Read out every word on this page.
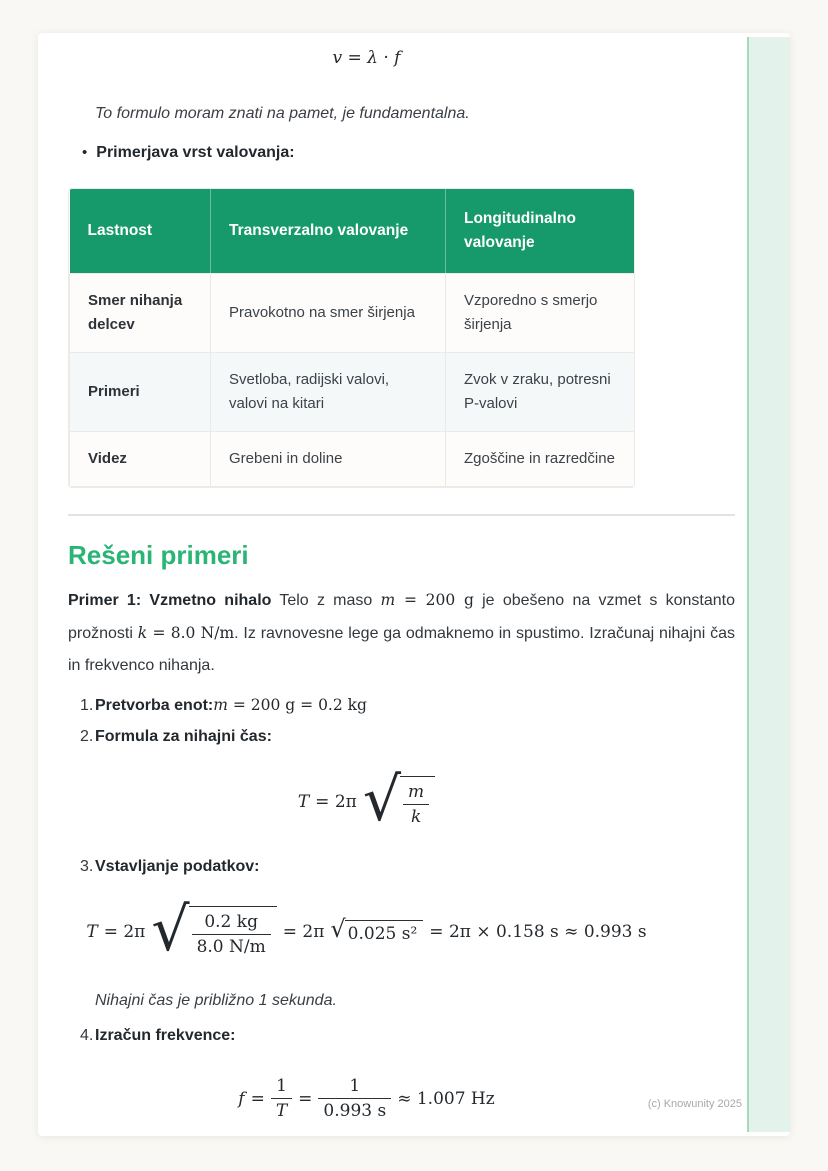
v = λ · f

To formulo moram znati na pamet, je fundamentalna.

• Primerjava vrst valovanja:
Lastnost	Transverzalno valovanje	Longitudinalno valovanje
Smer nihanja delcev	Pravokotno na smer širjenja	Vzporedno s smerjo širjenja
Primeri	Svetloba, radijski valovi, valovi na kitari	Zvok v zraku, potresni P-valovi
Videz	Grebeni in doline	Zgoščine in razredčine
Rešeni primeri

Primer 1: Vzmetno nihalo Telo z maso m = 200 g je obešeno na vzmet s konstanto prožnosti k = 8.0 N/m. Iz ravnovesne lege ga odmaknemo in spustimo. Izračunaj nihajni čas in frekvenco nihanja.

1. Pretvorba enot: m = 200 g = 0.2 kg
2. Formula za nihajni čas:
T = 2π √ $\frac{m}{k}$
3. Vstavljanje podatkov:
T = 2π √ $\frac{0.2 kg}{8.0 N/m} = 2\pi$ √ 0.025 s² = 2π × 0.158 s ≈ 0.993 s

Nihajni čas je približno 1 sekunda.

4. Izračun frekvence:
$f = \frac{1}{T} = \frac{1}{0.993 s} \approx 1.007$ Hz	(c) Knowunity 2025
